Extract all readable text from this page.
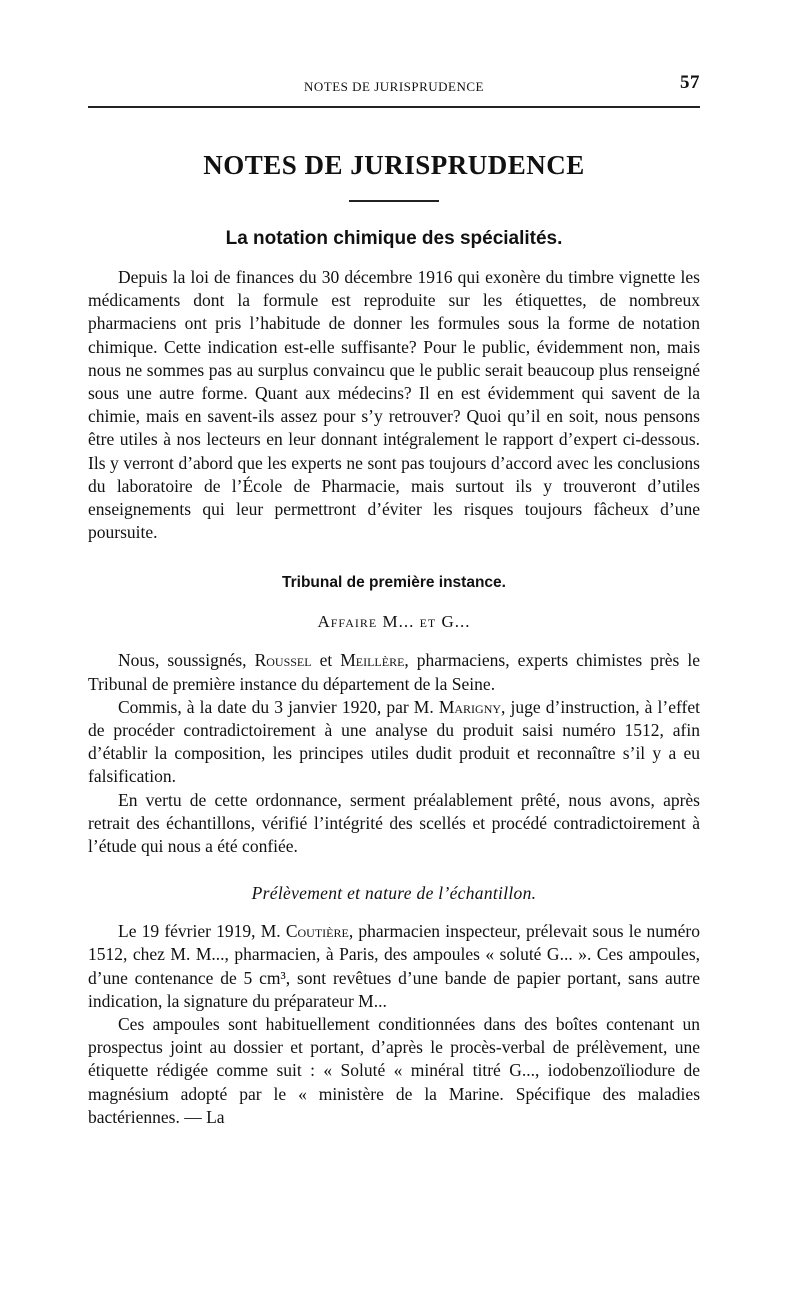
NOTES DE JURISPRUDENCE	57
NOTES DE JURISPRUDENCE
La notation chimique des spécialités.

Depuis la loi de finances du 30 décembre 1916 qui exonère du timbre vignette les médicaments dont la formule est reproduite sur les étiquettes, de nombreux pharmaciens ont pris l’habitude de donner les formules sous la forme de notation chimique. Cette indication est-elle suffisante? Pour le public, évidemment non, mais nous ne sommes pas au surplus convaincu que le public serait beaucoup plus renseigné sous une autre forme. Quant aux médecins? Il en est évidemment qui savent de la chimie, mais en savent-ils assez pour s’y retrouver? Quoi qu’il en soit, nous pensons être utiles à nos lecteurs en leur donnant intégralement le rapport d’expert ci-dessous. Ils y verront d’abord que les experts ne sont pas toujours d’accord avec les conclusions du laboratoire de l’École de Pharmacie, mais surtout ils y trouveront d’utiles enseignements qui leur permettront d’éviter les risques toujours fâcheux d’une poursuite.

Tribunal de première instance.
Affaire M... et G...

Nous, soussignés, Roussel et Meillère, pharmaciens, experts chimistes près le Tribunal de première instance du département de la Seine.

Commis, à la date du 3 janvier 1920, par M. Marigny, juge d’instruction, à l’effet de procéder contradictoirement à une analyse du produit saisi numéro 1512, afin d’établir la composition, les principes utiles dudit produit et reconnaître s’il y a eu falsification.

En vertu de cette ordonnance, serment préalablement prêté, nous avons, après retrait des échantillons, vérifié l’intégrité des scellés et procédé contradictoirement à l’étude qui nous a été confiée.

Prélèvement et nature de l’échantillon.

Le 19 février 1919, M. Coutière, pharmacien inspecteur, prélevait sous le numéro 1512, chez M. M..., pharmacien, à Paris, des ampoules « soluté G... ». Ces ampoules, d’une contenance de 5 cm³, sont revêtues d’une bande de papier portant, sans autre indication, la signature du préparateur M...

Ces ampoules sont habituellement conditionnées dans des boîtes contenant un prospectus joint au dossier et portant, d’après le procès-verbal de prélèvement, une étiquette rédigée comme suit : « Soluté « minéral titré G..., iodobenzoïliodure de magnésium adopté par le « ministère de la Marine. Spécifique des maladies bactériennes. — La
